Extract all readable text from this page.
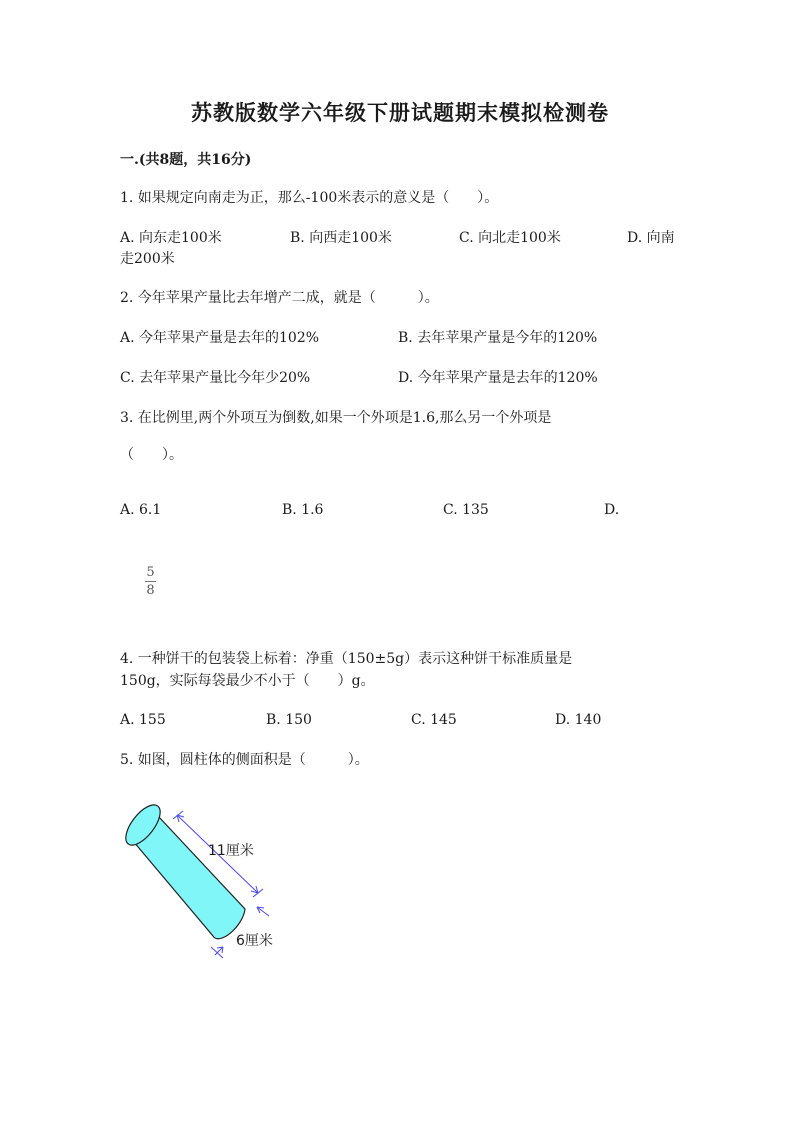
苏教版数学六年级下册试题期末模拟检测卷
一.(共8题，共16分)
1. 如果规定向南走为正，那么-100米表示的意义是（　　）。
A. 向东走100米	B. 向西走100米	C. 向北走100米	D. 向南
走200米
2. 今年苹果产量比去年增产二成，就是（　　　）。
A. 今年苹果产量是去年的102%	B. 去年苹果产量是今年的120%
C. 去年苹果产量比今年少20%	D. 今年苹果产量是去年的120%
3. 在比例里,两个外项互为倒数,如果一个外项是1.6,那么另一个外项是
（　　）。
A. 6.1	B. 1.6	C. 135	D.
5
8
4. 一种饼干的包装袋上标着：净重（150±5g）表示这种饼干标准质量是
150g，实际每袋最少不小于（　　）g。
A. 155	B. 150	C. 145	D. 140
5. 如图，圆柱体的侧面积是（　　　）。
11厘米
6厘米
